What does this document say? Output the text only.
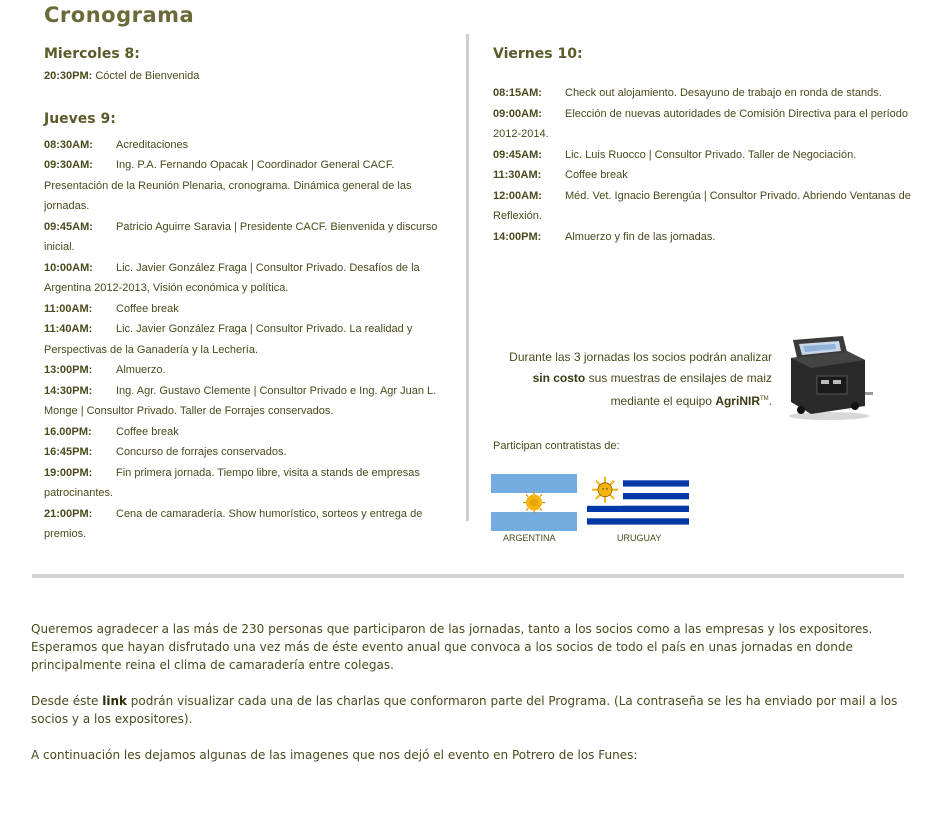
Cronograma

Miercoles 8:

20:30PM: Cóctel de Bienvenida

Jueves 9:

08:30AM: Acreditaciones

09:30AM: Ing. P.A. Fernando Opacak | Coordinador General CACF. Presentación de la Reunión Plenaria, cronograma. Dinámica general de las jornadas.

09:45AM: Patricio Aguirre Saravia | Presidente CACF. Bienvenida y discurso inicial.

10:00AM: Lic. Javier González Fraga | Consultor Privado. Desafíos de la Argentina 2012-2013, Visión económica y política.

11:00AM: Coffee break

11:40AM: Lic. Javier González Fraga | Consultor Privado. La realidad y Perspectivas de la Ganadería y la Lechería.

13:00PM: Almuerzo.

14:30PM: Ing. Agr. Gustavo Clemente | Consultor Privado e Ing. Agr Juan L. Monge | Consultor Privado. Taller de Forrajes conservados.

16.00PM: Coffee break

16:45PM: Concurso de forrajes conservados.

19:00PM: Fin primera jornada. Tiempo libre, visita a stands de empresas patrocinantes.

21:00PM: Cena de camaradería. Show humorístico, sorteos y entrega de premios.

Viernes 10:

08:15AM: Check out alojamiento. Desayuno de trabajo en ronda de stands.

09:00AM: Elección de nuevas autoridades de Comisión Directiva para el período 2012-2014.

09:45AM: Lic. Luis Ruocco | Consultor Privado. Taller de Negociación.

11:30AM: Coffee break

12:00AM: Méd. Vet. Ignacio Berengúa | Consultor Privado. Abriendo Ventanas de Reflexión.

14:00PM: Almuerzo y fin de las jornadas.

Durante las 3 jornadas los socios podrán analizar sin costo sus muestras de ensilajes de maiz mediante el equipo AgriNIR™.
Participan contratistas de:
ARGENTINA	URUGUAY

Queremos agradecer a las más de 230 personas que participaron de las jornadas, tanto a los socios como a las empresas y los expositores.

Esperamos que hayan disfrutado una vez más de éste evento anual que convoca a los socios de todo el país en unas jornadas en donde principalmente reina el clima de camaradería entre colegas.

Desde éste link podrán visualizar cada una de las charlas que conformaron parte del Programa. (La contraseña se les ha enviado por mail a los socios y a los expositores).

A continuación les dejamos algunas de las imagenes que nos dejó el evento en Potrero de los Funes:
